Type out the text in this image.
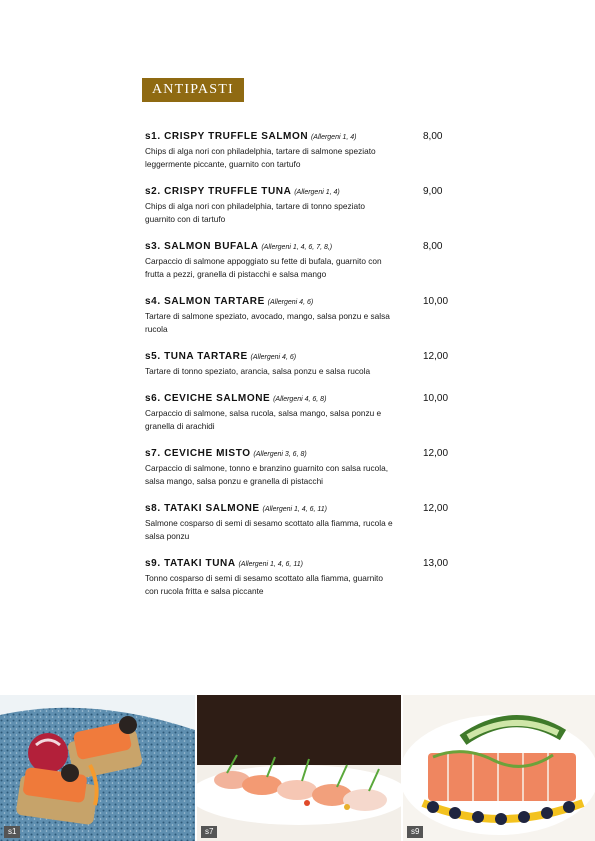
ANTIPASTI
s1. CRISPY TRUFFLE SALMON (Allergeni 1, 4)	8,00
Chips di alga nori con philadelphia, tartare di salmone speziato leggermente piccante, guarnito con tartufo
s2. CRISPY TRUFFLE TUNA (Allergeni 1, 4)	9,00
Chips di alga nori con philadelphia, tartare di tonno speziato guarnito con di tartufo
s3. SALMON BUFALA (Allergeni 1, 4, 6, 7, 8,)	8,00
Carpaccio di salmone appoggiato su fette di bufala, guarnito con frutta a pezzi, granella di pistacchi e salsa mango
s4. SALMON TARTARE (Allergeni 4, 6)	10,00
Tartare di salmone speziato, avocado, mango, salsa ponzu e salsa rucola
s5. TUNA TARTARE (Allergeni 4, 6)	12,00
Tartare di tonno speziato, arancia, salsa ponzu e salsa rucola
s6. CEVICHE SALMONE (Allergeni 4, 6, 8)	10,00
Carpaccio di salmone, salsa rucola, salsa mango, salsa ponzu e granella di arachidi
s7. CEVICHE MISTO (Allergeni 3, 6, 8)	12,00
Carpaccio di salmone, tonno e branzino guarnito con salsa rucola, salsa mango, salsa ponzu e granella di pistacchi
s8. TATAKI SALMONE (Allergeni 1, 4, 6, 11)	12,00
Salmone cosparso di semi di sesamo scottato alla fiamma, rucola e salsa ponzu
s9. TATAKI TUNA (Allergeni 1, 4, 6, 11)	13,00
Tonno cosparso di semi di sesamo scottato alla fiamma, guarnito con rucola fritta e salsa piccante
s1	s7	s9
